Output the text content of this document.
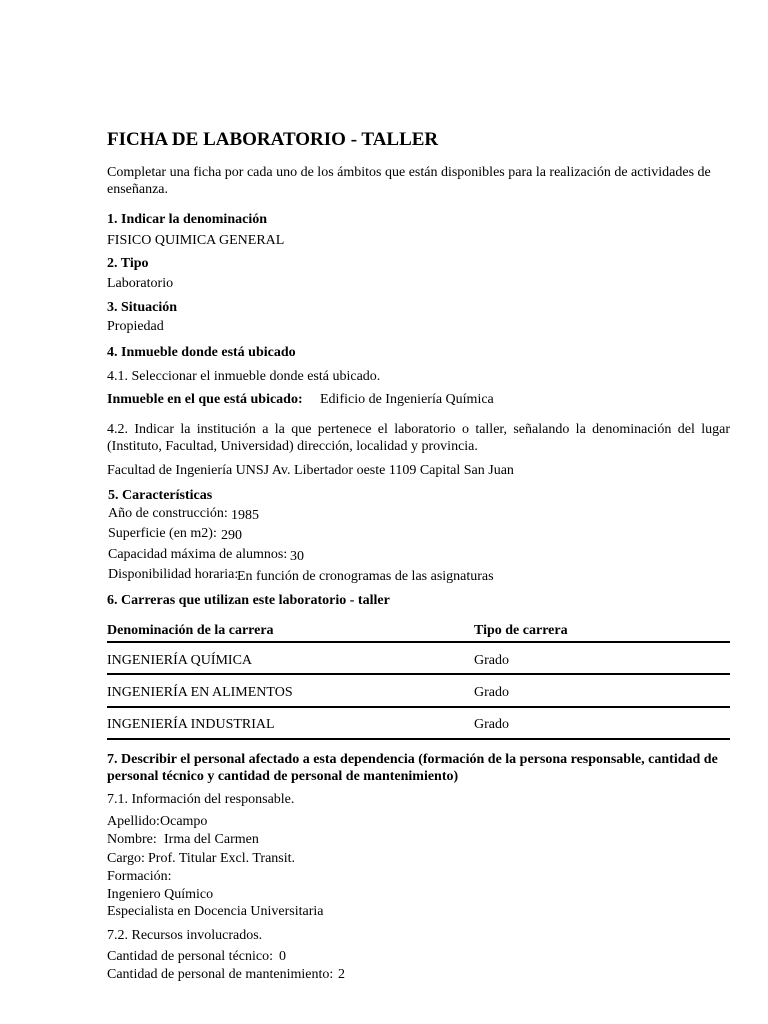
FICHA DE LABORATORIO - TALLER
Completar una ficha por cada uno de los ámbitos que están disponibles para la realización de actividades de enseñanza.
1. Indicar la denominación
FISICO QUIMICA GENERAL
2. Tipo
Laboratorio
3. Situación
Propiedad
4. Inmueble donde está ubicado
4.1. Seleccionar el inmueble donde está ubicado.
Inmueble en el que está ubicado: Edificio de Ingeniería Química
4.2. Indicar la institución a la que pertenece el laboratorio o taller, señalando la denominación del lugar (Instituto, Facultad, Universidad) dirección, localidad y provincia.
Facultad de Ingeniería UNSJ Av. Libertador oeste 1109 Capital San Juan
5. Características
Año de construcción: 1985
Superficie (en m2): 290
Capacidad máxima de alumnos: 30
Disponibilidad horaria:
En función de cronogramas de las asignaturas
6. Carreras que utilizan este laboratorio - taller
Denominación de la carrera	Tipo de carrera
INGENIERÍA QUÍMICA	Grado
INGENIERÍA EN ALIMENTOS	Grado
INGENIERÍA INDUSTRIAL	Grado
7. Describir el personal afectado a esta dependencia (formación de la persona responsable, cantidad de personal técnico y cantidad de personal de mantenimiento)
7.1. Información del responsable.
Apellido: Ocampo
Nombre: Irma del Carmen
Cargo: Prof. Titular Excl. Transit.
Formación:
Ingeniero Químico
Especialista en Docencia Universitaria
7.2. Recursos involucrados.
Cantidad de personal técnico: 0
Cantidad de personal de mantenimiento: 2
